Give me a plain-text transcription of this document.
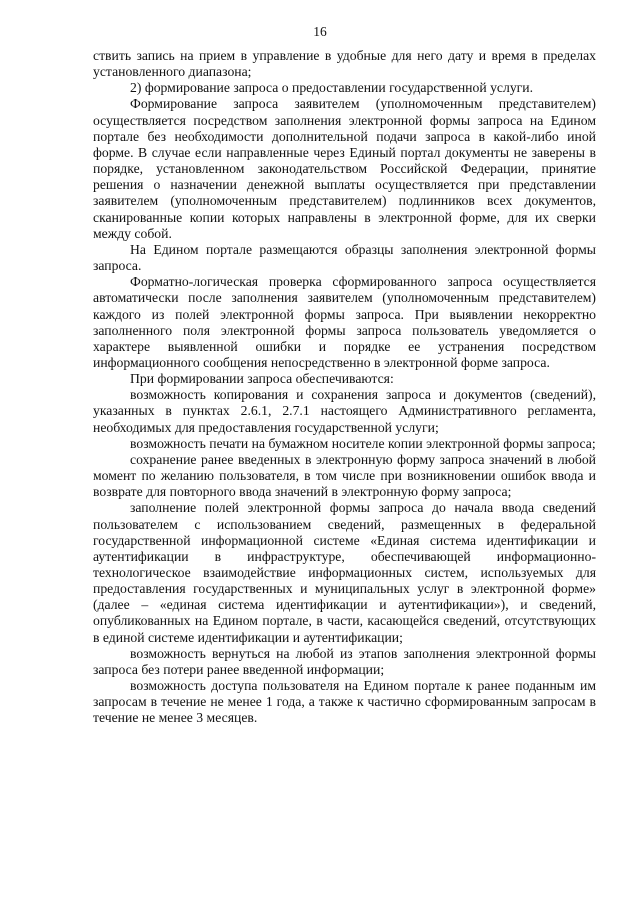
16

ствить запись на прием в управление в удобные для него дату и время в пределах установленного диапазона;

2) формирование запроса о предоставлении государственной услуги.

Формирование запроса заявителем (уполномоченным представителем) осуществляется посредством заполнения электронной формы запроса на Едином портале без необходимости дополнительной подачи запроса в какой-либо иной форме. В случае если направленные через Единый портал документы не заверены в порядке, установленном законодательством Российской Федерации, принятие решения о назначении денежной выплаты осуществляется при представлении заявителем (уполномоченным представителем) подлинников всех документов, сканированные копии которых направлены в электронной форме, для их сверки между собой.

На Едином портале размещаются образцы заполнения электронной формы запроса.

Форматно-логическая проверка сформированного запроса осуществляется автоматически после заполнения заявителем (уполномоченным представителем) каждого из полей электронной формы запроса. При выявлении некорректно заполненного поля электронной формы запроса пользователь уведомляется о характере выявленной ошибки и порядке ее устранения посредством информационного сообщения непосредственно в электронной форме запроса.

При формировании запроса обеспечиваются:

возможность копирования и сохранения запроса и документов (сведений), указанных в пунктах 2.6.1, 2.7.1 настоящего Административного регламента, необходимых для предоставления государственной услуги;

возможность печати на бумажном носителе копии электронной формы запроса;

сохранение ранее введенных в электронную форму запроса значений в любой момент по желанию пользователя, в том числе при возникновении ошибок ввода и возврате для повторного ввода значений в электронную форму запроса;

заполнение полей электронной формы запроса до начала ввода сведений пользователем с использованием сведений, размещенных в федеральной государственной информационной системе «Единая система идентификации и аутентификации в инфраструктуре, обеспечивающей информационно-технологическое взаимодействие информационных систем, используемых для предоставления государственных и муниципальных услуг в электронной форме» (далее – «единая система идентификации и аутентификации»), и сведений, опубликованных на Едином портале, в части, касающейся сведений, отсутствующих в единой системе идентификации и аутентификации;

возможность вернуться на любой из этапов заполнения электронной формы запроса без потери ранее введенной информации;

возможность доступа пользователя на Едином портале к ранее поданным им запросам в течение не менее 1 года, а также к частично сформированным запросам в течение не менее 3 месяцев.
